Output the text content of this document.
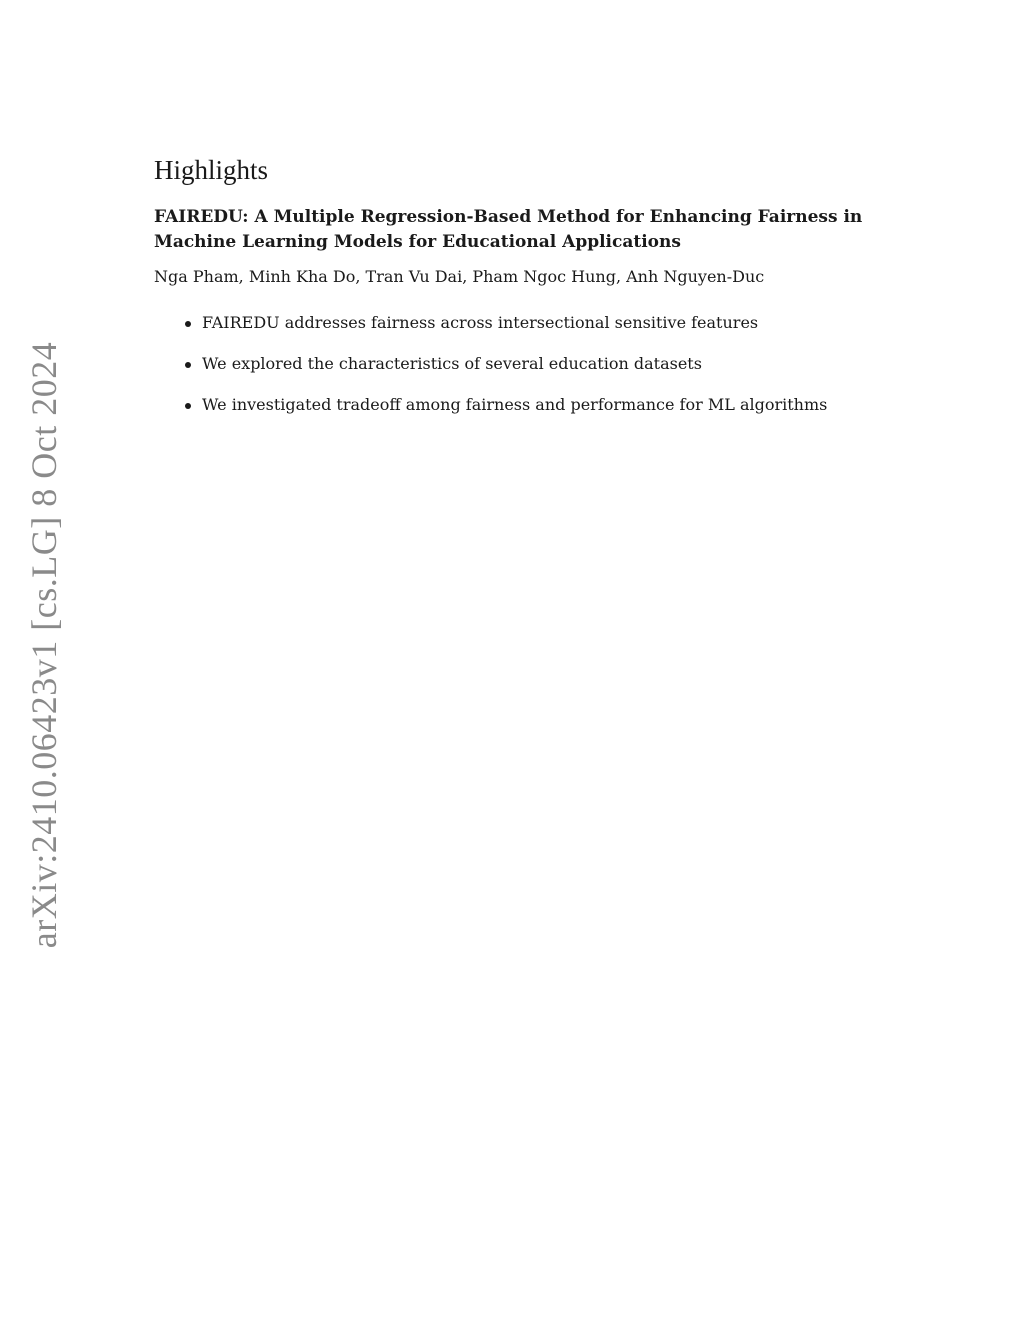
arXiv:2410.06423v1 [cs.LG] 8 Oct 2024
Highlights
FAIREDU: A Multiple Regression-Based Method for Enhancing Fairness in Machine Learning Models for Educational Applications

Nga Pham, Minh Kha Do, Tran Vu Dai, Pham Ngoc Hung, Anh Nguyen-Duc

FAIREDU addresses fairness across intersectional sensitive features
We explored the characteristics of several education datasets
We investigated tradeoff among fairness and performance for ML algorithms
